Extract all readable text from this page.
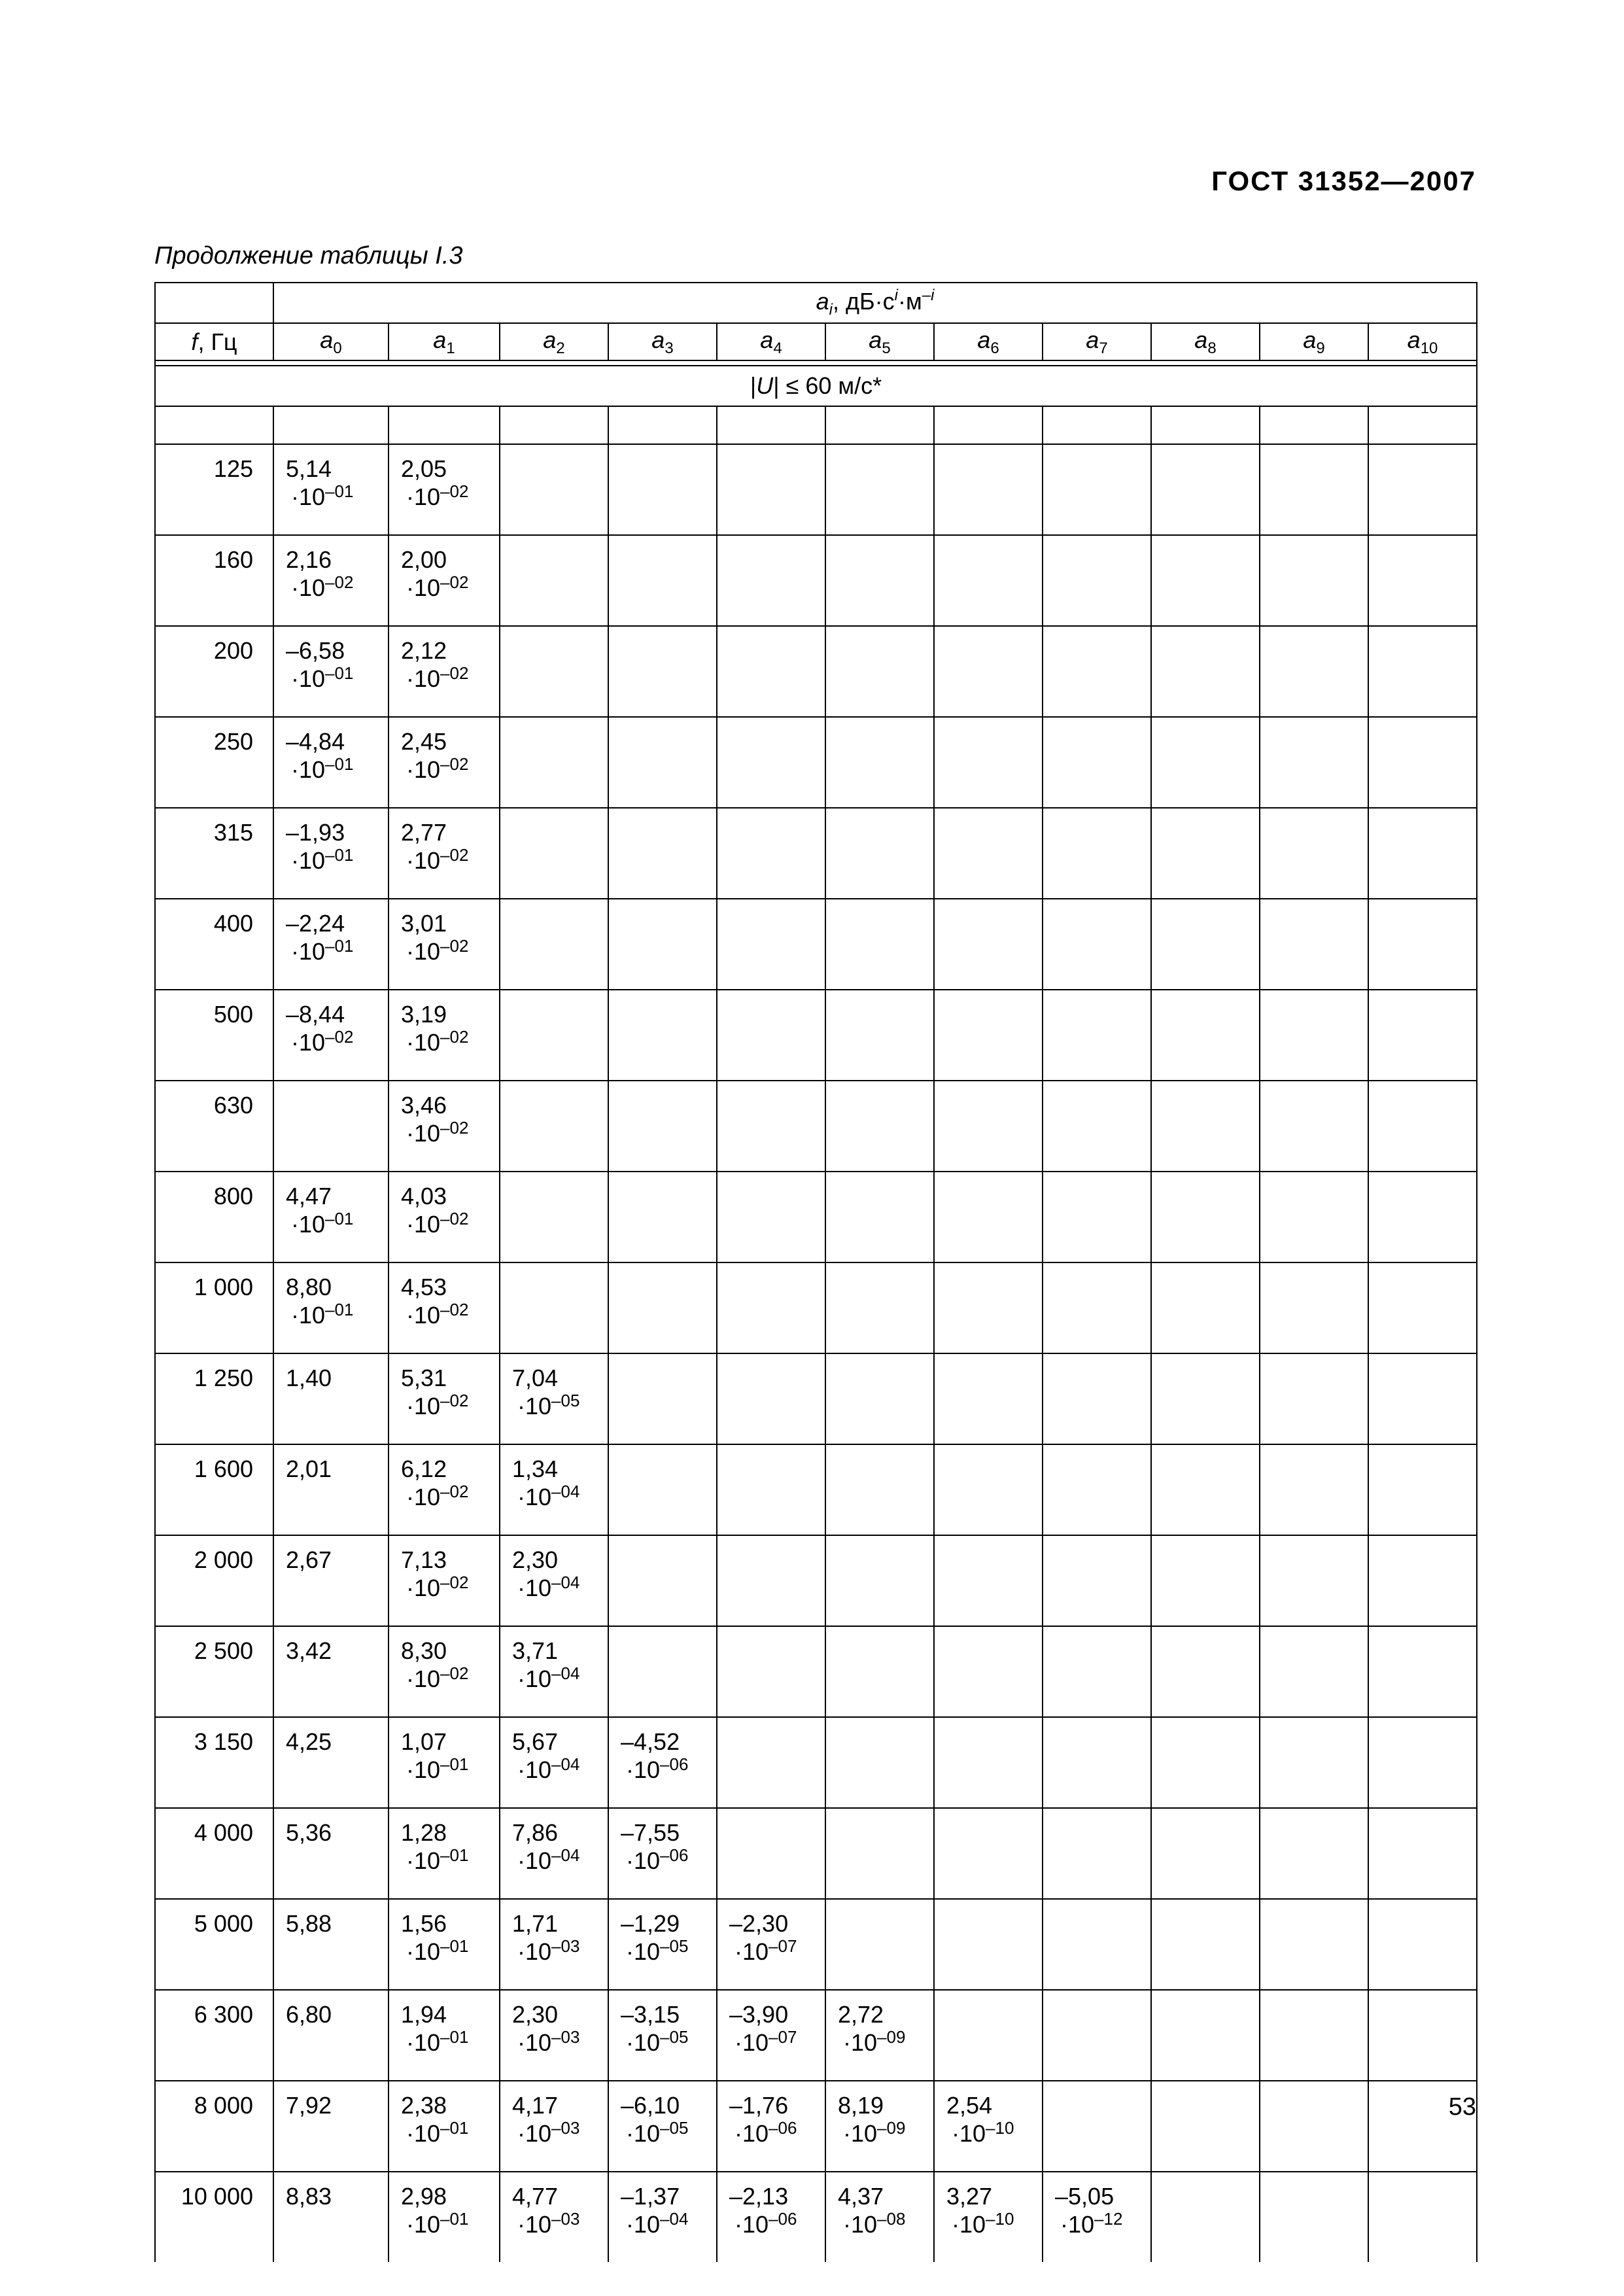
ГОСТ 31352—2007
Продолжение таблицы I.3
	$a_i$, $дБ\cdot с^i\cdot м^{-i}$
f, Гц	$a_0$	$a_1$	$a_2$	$a_3$	$a_4$	$a_5$	$a_6$	$a_7$	$a_8$	$a_9$	$a_{10}$

|U| ≤ 60 м/с*											

125	5,14
$\cdot 10^{-01}$	2,05
$\cdot 10^{-02}$

160	2,16
$\cdot 10^{-02}$	2,00
$\cdot 10^{-02}$

200	–6,58
$\cdot 10^{-01}$	2,12
$\cdot 10^{-02}$

250	–4,84
$\cdot 10^{-01}$	2,45
$\cdot 10^{-02}$

315	–1,93
$\cdot 10^{-01}$	2,77
$\cdot 10^{-02}$

400	–2,24
$\cdot 10^{-01}$	3,01
$\cdot 10^{-02}$

500	–8,44
$\cdot 10^{-02}$	3,19
$\cdot 10^{-02}$

630		3,46
$\cdot 10^{-02}$

800	4,47
$\cdot 10^{-01}$	4,03
$\cdot 10^{-02}$

1 000	8,80
$\cdot 10^{-01}$	4,53
$\cdot 10^{-02}$

1 250	1,40	5,31
$\cdot 10^{-02}$	7,04
$\cdot 10^{-05}$

1 600	2,01	6,12
$\cdot 10^{-02}$	1,34
$\cdot 10^{-04}$

2 000	2,67	7,13
$\cdot 10^{-02}$	2,30
$\cdot 10^{-04}$

2 500	3,42	8,30
$\cdot 10^{-02}$	3,71
$\cdot 10^{-04}$

3 150	4,25	1,07
$\cdot 10^{-01}$	5,67
$\cdot 10^{-04}$	–4,52
$\cdot 10^{-06}$

4 000	5,36	1,28
$\cdot 10^{-01}$	7,86
$\cdot 10^{-04}$	–7,55
$\cdot 10^{-06}$

5 000	5,88	1,56
$\cdot 10^{-01}$	1,71
$\cdot 10^{-03}$	–1,29
$\cdot 10^{-05}$	–2,30
$\cdot 10^{-07}$

6 300	6,80	1,94
$\cdot 10^{-01}$	2,30
$\cdot 10^{-03}$	–3,15
$\cdot 10^{-05}$	–3,90
$\cdot 10^{-07}$	2,72
$\cdot 10^{-09}$

8 000	7,92	2,38
$\cdot 10^{-01}$	4,17
$\cdot 10^{-03}$	–6,10
$\cdot 10^{-05}$	–1,76
$\cdot 10^{-06}$	8,19
$\cdot 10^{-09}$	2,54
$\cdot 10^{-10}$

10 000	8,83	2,98
$\cdot 10^{-01}$	4,77
$\cdot 10^{-03}$	–1,37
$\cdot 10^{-04}$	–2,13
$\cdot 10^{-06}$	4,37
$\cdot 10^{-08}$	3,27
$\cdot 10^{-10}$	–5,05
$\cdot 10^{-12}$

53
